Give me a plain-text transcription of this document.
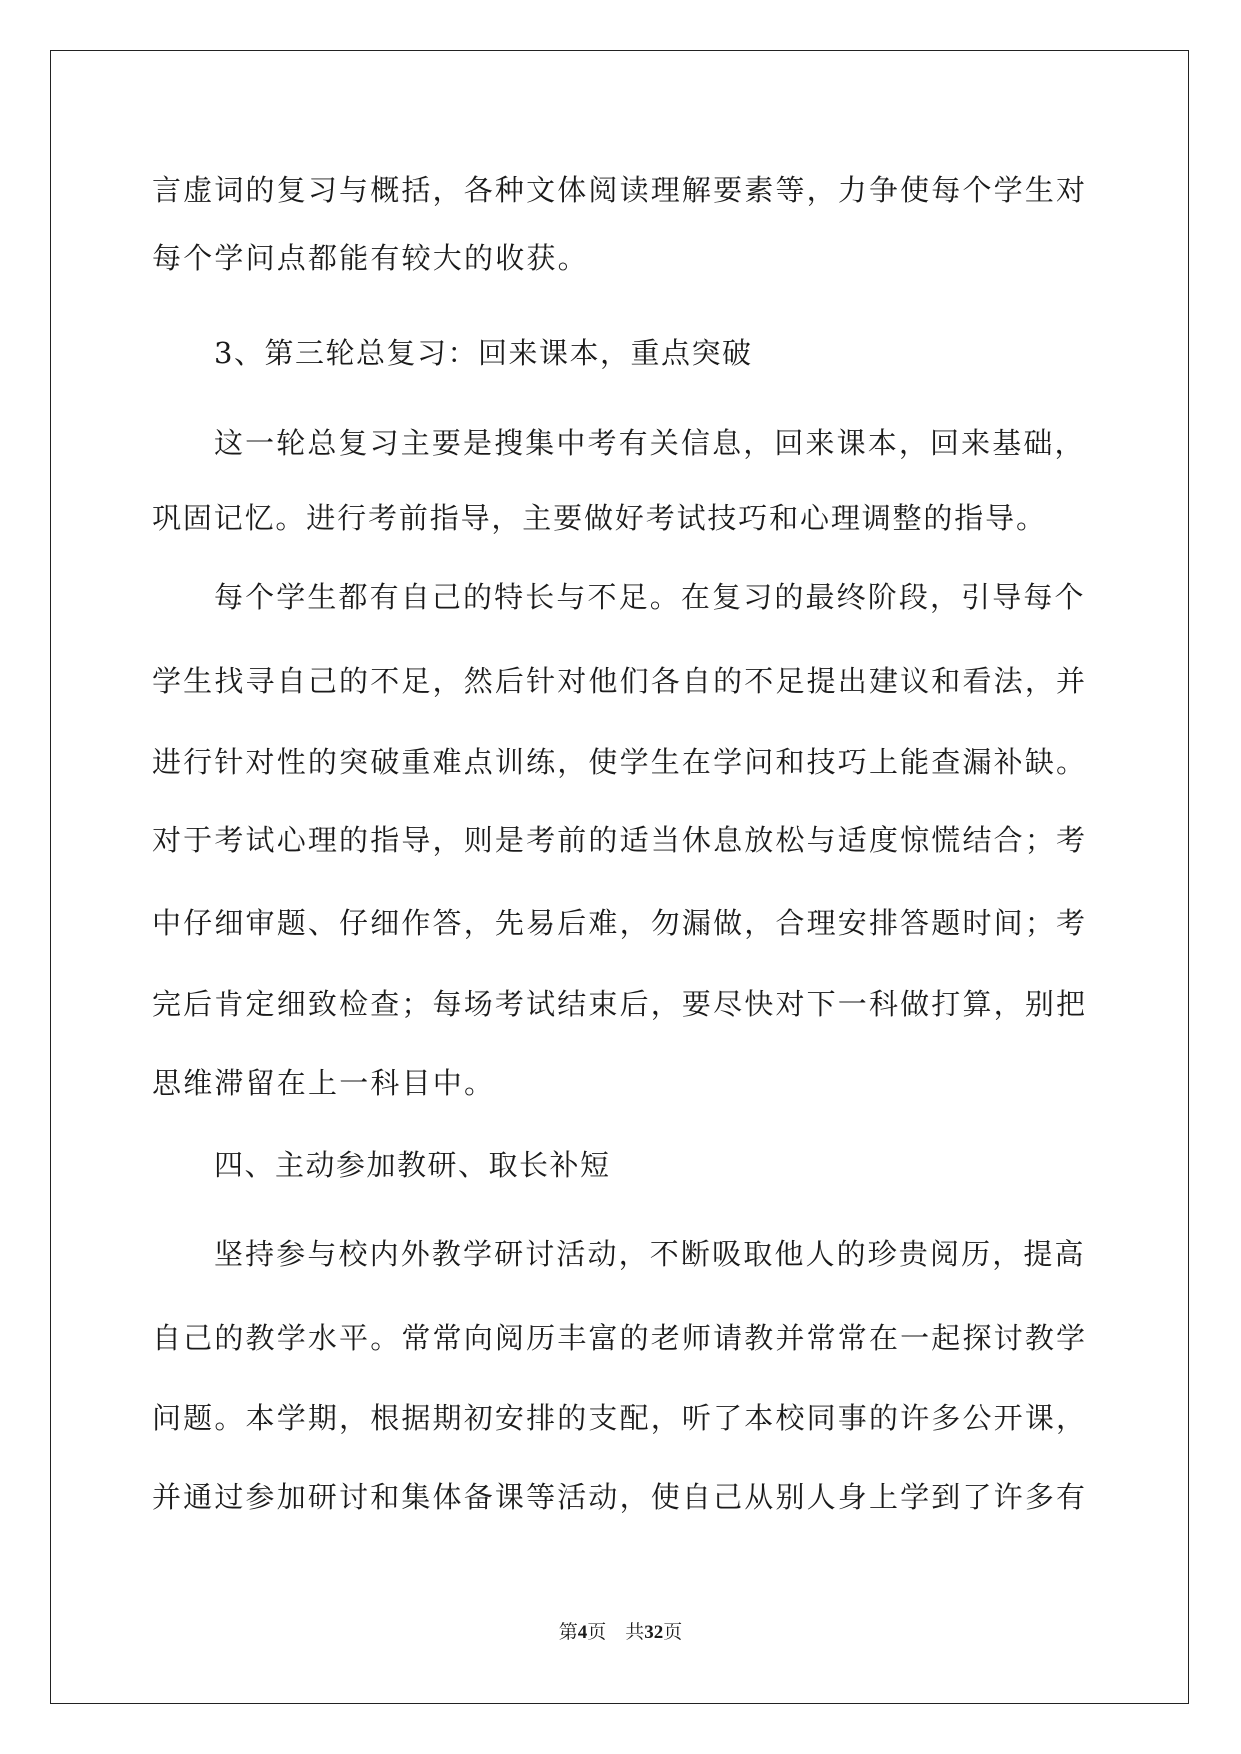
言虚词的复习与概括，各种文体阅读理解要素等，力争使每个学生对
每个学问点都能有较大的收获。
3、第三轮总复习：回来课本，重点突破
这一轮总复习主要是搜集中考有关信息，回来课本，回来基础，
巩固记忆。进行考前指导，主要做好考试技巧和心理调整的指导。
每个学生都有自己的特长与不足。在复习的最终阶段，引导每个
学生找寻自己的不足，然后针对他们各自的不足提出建议和看法，并
进行针对性的突破重难点训练，使学生在学问和技巧上能查漏补缺。
对于考试心理的指导，则是考前的适当休息放松与适度惊慌结合；考
中仔细审题、仔细作答，先易后难，勿漏做，合理安排答题时间；考
完后肯定细致检查；每场考试结束后，要尽快对下一科做打算，别把
思维滞留在上一科目中。
四、主动参加教研、取长补短
坚持参与校内外教学研讨活动，不断吸取他人的珍贵阅历，提高
自己的教学水平。常常向阅历丰富的老师请教并常常在一起探讨教学
问题。本学期，根据期初安排的支配，听了本校同事的许多公开课，
并通过参加研讨和集体备课等活动，使自己从别人身上学到了许多有
第4页 共32页
